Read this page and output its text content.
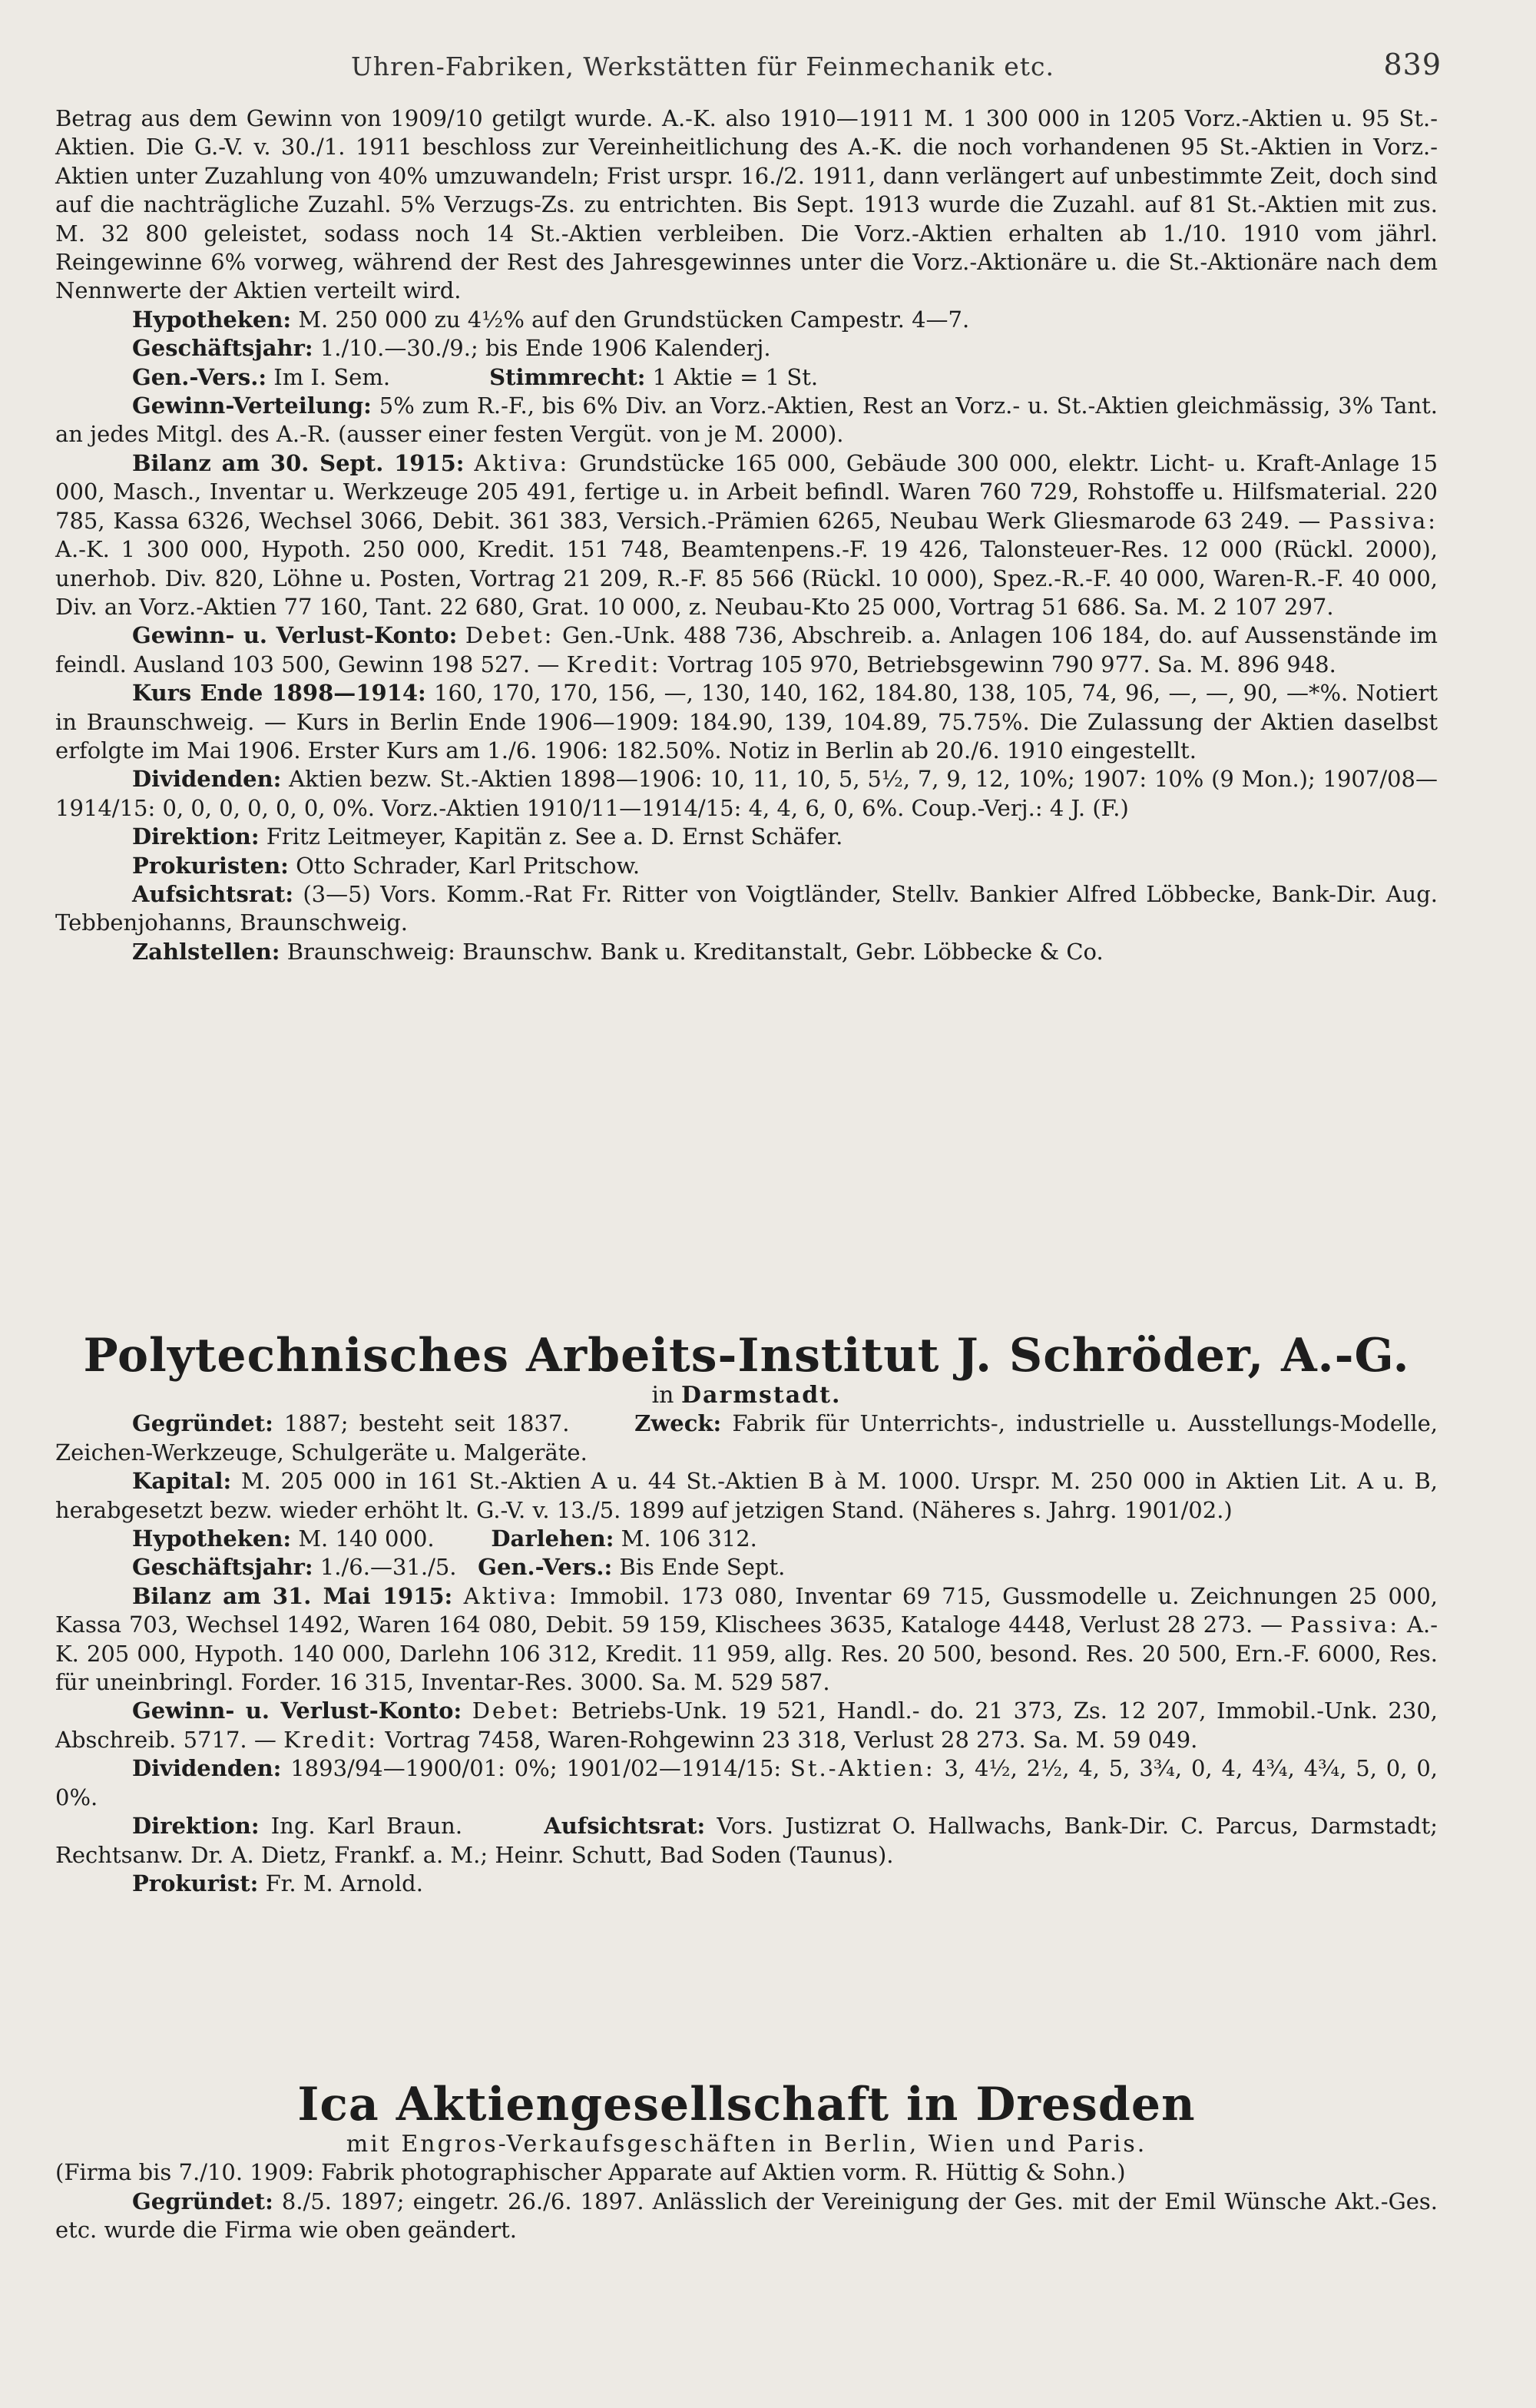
Uhren-Fabriken, Werkstätten für Feinmechanik etc.	839

Betrag aus dem Gewinn von 1909/10 getilgt wurde. A.-K. also 1910—1911 M. 1 300 000 in 1205 Vorz.-Aktien u. 95 St.-Aktien. Die G.-V. v. 30./1. 1911 beschloss zur Vereinheitlichung des A.-K. die noch vorhandenen 95 St.-Aktien in Vorz.-Aktien unter Zuzahlung von 40% umzuwandeln; Frist urspr. 16./2. 1911, dann verlängert auf unbestimmte Zeit, doch sind auf die nachträgliche Zuzahl. 5% Verzugs-Zs. zu entrichten. Bis Sept. 1913 wurde die Zuzahl. auf 81 St.-Aktien mit zus. M. 32 800 geleistet, sodass noch 14 St.-Aktien verbleiben. Die Vorz.-Aktien erhalten ab 1./10. 1910 vom jährl. Reingewinne 6% vorweg, während der Rest des Jahresgewinnes unter die Vorz.-Aktionäre u. die St.-Aktionäre nach dem Nennwerte der Aktien verteilt wird.

Hypotheken: M. 250 000 zu 4½% auf den Grundstücken Campestr. 4—7.

Geschäftsjahr: 1./10.—30./9.; bis Ende 1906 Kalenderj.

Gen.-Vers.: Im I. Sem.	Stimmrecht: 1 Aktie = 1 St.

Gewinn-Verteilung: 5% zum R.-F., bis 6% Div. an Vorz.-Aktien, Rest an Vorz.- u. St.-Aktien gleichmässig, 3% Tant. an jedes Mitgl. des A.-R. (ausser einer festen Vergüt. von je M. 2000).

Bilanz am 30. Sept. 1915: Aktiva: Grundstücke 165 000, Gebäude 300 000, elektr. Licht- u. Kraft-Anlage 15 000, Masch., Inventar u. Werkzeuge 205 491, fertige u. in Arbeit befindl. Waren 760 729, Rohstoffe u. Hilfsmaterial. 220 785, Kassa 6326, Wechsel 3066, Debit. 361 383, Versich.-Prämien 6265, Neubau Werk Gliesmarode 63 249. — Passiva: A.-K. 1 300 000, Hypoth. 250 000, Kredit. 151 748, Beamtenpens.-F. 19 426, Talonsteuer-Res. 12 000 (Rückl. 2000), unerhob. Div. 820, Löhne u. Posten, Vortrag 21 209, R.-F. 85 566 (Rückl. 10 000), Spez.-R.-F. 40 000, Waren-R.-F. 40 000, Div. an Vorz.-Aktien 77 160, Tant. 22 680, Grat. 10 000, z. Neubau-Kto 25 000, Vortrag 51 686. Sa. M. 2 107 297.

Gewinn- u. Verlust-Konto: Debet: Gen.-Unk. 488 736, Abschreib. a. Anlagen 106 184, do. auf Aussenstände im feindl. Ausland 103 500, Gewinn 198 527. — Kredit: Vortrag 105 970, Betriebsgewinn 790 977. Sa. M. 896 948.

Kurs Ende 1898—1914: 160, 170, 170, 156, —, 130, 140, 162, 184.80, 138, 105, 74, 96, —, —, 90, —*%. Notiert in Braunschweig. — Kurs in Berlin Ende 1906—1909: 184.90, 139, 104.89, 75.75%. Die Zulassung der Aktien daselbst erfolgte im Mai 1906. Erster Kurs am 1./6. 1906: 182.50%. Notiz in Berlin ab 20./6. 1910 eingestellt.

Dividenden: Aktien bezw. St.-Aktien 1898—1906: 10, 11, 10, 5, 5½, 7, 9, 12, 10%; 1907: 10% (9 Mon.); 1907/08—1914/15: 0, 0, 0, 0, 0, 0, 0%. Vorz.-Aktien 1910/11—1914/15: 4, 4, 6, 0, 6%. Coup.-Verj.: 4 J. (F.)

Direktion: Fritz Leitmeyer, Kapitän z. See a. D. Ernst Schäfer.

Prokuristen: Otto Schrader, Karl Pritschow.

Aufsichtsrat: (3—5) Vors. Komm.-Rat Fr. Ritter von Voigtländer, Stellv. Bankier Alfred Löbbecke, Bank-Dir. Aug. Tebbenjohanns, Braunschweig.

Zahlstellen: Braunschweig: Braunschw. Bank u. Kreditanstalt, Gebr. Löbbecke & Co.

Polytechnisches Arbeits-Institut J. Schröder, A.-G.

in Darmstadt.

Gegründet: 1887; besteht seit 1837.	Zweck: Fabrik für Unterrichts-, industrielle u. Ausstellungs-Modelle, Zeichen-Werkzeuge, Schulgeräte u. Malgeräte.

Kapital: M. 205 000 in 161 St.-Aktien A u. 44 St.-Aktien B à M. 1000. Urspr. M. 250 000 in Aktien Lit. A u. B, herabgesetzt bezw. wieder erhöht lt. G.-V. v. 13./5. 1899 auf jetzigen Stand. (Näheres s. Jahrg. 1901/02.)

Hypotheken: M. 140 000.	Darlehen: M. 106 312.

Geschäftsjahr: 1./6.—31./5. Gen.-Vers.: Bis Ende Sept.

Bilanz am 31. Mai 1915: Aktiva: Immobil. 173 080, Inventar 69 715, Gussmodelle u. Zeichnungen 25 000, Kassa 703, Wechsel 1492, Waren 164 080, Debit. 59 159, Klischees 3635, Kataloge 4448, Verlust 28 273. — Passiva: A.-K. 205 000, Hypoth. 140 000, Darlehn 106 312, Kredit. 11 959, allg. Res. 20 500, besond. Res. 20 500, Ern.-F. 6000, Res. für uneinbringl. Forder. 16 315, Inventar-Res. 3000. Sa. M. 529 587.

Gewinn- u. Verlust-Konto: Debet: Betriebs-Unk. 19 521, Handl.- do. 21 373, Zs. 12 207, Immobil.-Unk. 230, Abschreib. 5717. — Kredit: Vortrag 7458, Waren-Rohgewinn 23 318, Verlust 28 273. Sa. M. 59 049.

Dividenden: 1893/94—1900/01: 0%; 1901/02—1914/15: St.-Aktien: 3, 4½, 2½, 4, 5, 3¾, 0, 4, 4¾, 4¾, 5, 0, 0, 0%.

Direktion: Ing. Karl Braun.	Aufsichtsrat: Vors. Justizrat O. Hallwachs, Bank-Dir. C. Parcus, Darmstadt; Rechtsanw. Dr. A. Dietz, Frankf. a. M.; Heinr. Schutt, Bad Soden (Taunus).

Prokurist: Fr. M. Arnold.

Ica Aktiengesellschaft in Dresden

mit Engros-Verkaufsgeschäften in Berlin, Wien und Paris.

(Firma bis 7./10. 1909: Fabrik photographischer Apparate auf Aktien vorm. R. Hüttig & Sohn.)

Gegründet: 8./5. 1897; eingetr. 26./6. 1897. Anlässlich der Vereinigung der Ges. mit der Emil Wünsche Akt.-Ges. etc. wurde die Firma wie oben geändert.
